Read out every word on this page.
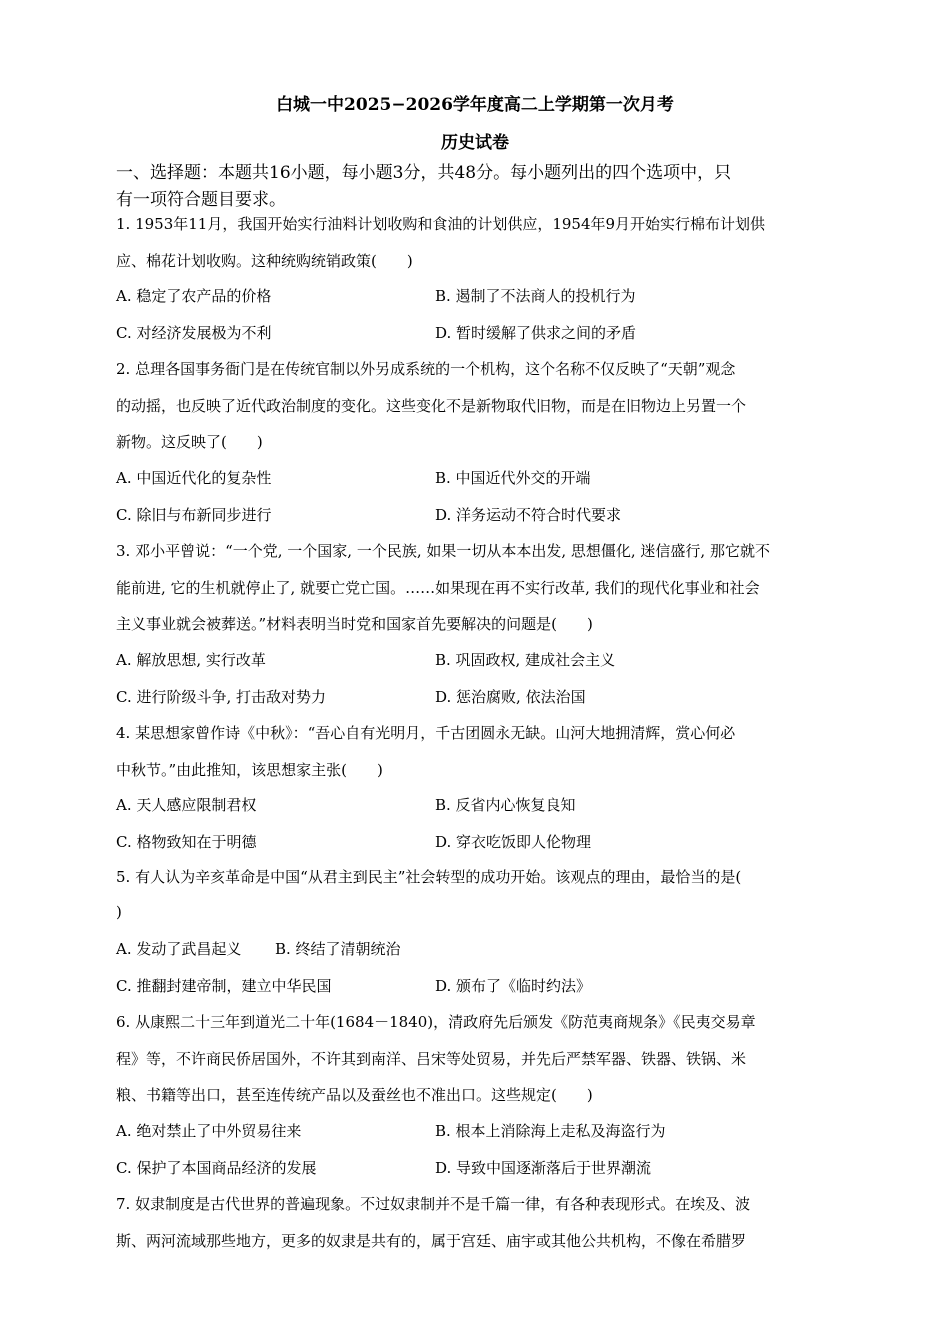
白城一中2025−2026学年度高二上学期第一次月考
历史试卷
一、选择题：本题共16小题，每小题3分，共48分。每小题列出的四个选项中，只
有一项符合题目要求。
1. 1953年11月，我国开始实行油料计划收购和食油的计划供应，1954年9月开始实行棉布计划供
应、棉花计划收购。这种统购统销政策(　　)
A. 稳定了农产品的价格	B. 遏制了不法商人的投机行为
C. 对经济发展极为不利	D. 暂时缓解了供求之间的矛盾
2. 总理各国事务衙门是在传统官制以外另成系统的一个机构，这个名称不仅反映了“天朝”观念
的动摇，也反映了近代政治制度的变化。这些变化不是新物取代旧物，而是在旧物边上另置一个
新物。这反映了(　　)
A. 中国近代化的复杂性	B. 中国近代外交的开端
C. 除旧与布新同步进行	D. 洋务运动不符合时代要求
3. 邓小平曾说：“一个党, 一个国家, 一个民族, 如果一切从本本出发, 思想僵化, 迷信盛行, 那它就不
能前进, 它的生机就停止了, 就要亡党亡国。……如果现在再不实行改革, 我们的现代化事业和社会
主义事业就会被葬送。”材料表明当时党和国家首先要解决的问题是(　　)
A. 解放思想, 实行改革	B. 巩固政权, 建成社会主义
C. 进行阶级斗争, 打击敌对势力	D. 惩治腐败, 依法治国
4. 某思想家曾作诗《中秋》：“吾心自有光明月，千古团圆永无缺。山河大地拥清辉，赏心何必
中秋节。”由此推知，该思想家主张(　　)
A. 天人感应限制君权	B. 反省内心恢复良知
C. 格物致知在于明德	D. 穿衣吃饭即人伦物理
5. 有人认为辛亥革命是中国“从君主到民主”社会转型的成功开始。该观点的理由，最恰当的是(
)
A. 发动了武昌起义 B. 终结了清朝统治
C. 推翻封建帝制，建立中华民国	D. 颁布了《临时约法》
6. 从康熙二十三年到道光二十年(1684－1840)，清政府先后颁发《防范夷商规条》《民夷交易章
程》等，不许商民侨居国外，不许其到南洋、吕宋等处贸易，并先后严禁军器、铁器、铁锅、米
粮、书籍等出口，甚至连传统产品以及蚕丝也不准出口。这些规定(　　)
A. 绝对禁止了中外贸易往来	B. 根本上消除海上走私及海盗行为
C. 保护了本国商品经济的发展	D. 导致中国逐渐落后于世界潮流
7. 奴隶制度是古代世界的普遍现象。不过奴隶制并不是千篇一律，有各种表现形式。在埃及、波
斯、两河流域那些地方，更多的奴隶是共有的，属于宫廷、庙宇或其他公共机构，不像在希腊罗
